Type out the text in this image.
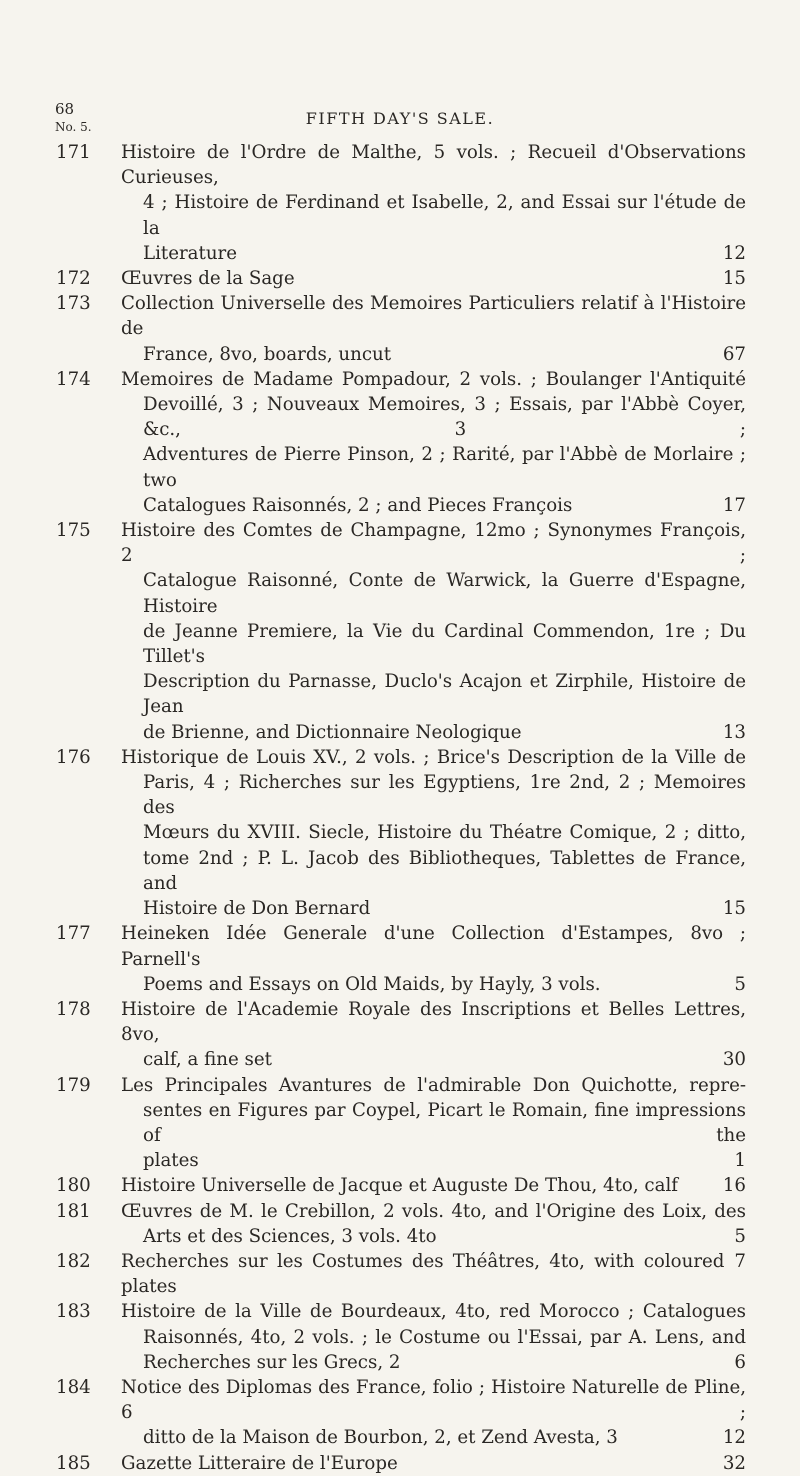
68
No. 5.	FIFTH DAY'S SALE.
171	Histoire de l'Ordre de Malthe, 5 vols. ; Recueil d'Observations Curieuses,
4 ; Histoire de Ferdinand et Isabelle, 2, and Essai sur l'étude de la
Literature	12
172	Œuvres de la Sage	15
173	Collection Universelle des Memoires Particuliers relatif à l'Histoire de
France, 8vo, boards, uncut	67
174	Memoires de Madame Pompadour, 2 vols. ; Boulanger l'Antiquité
Devoillé, 3 ; Nouveaux Memoires, 3 ; Essais, par l'Abbè Coyer, &c., 3 ;
Adventures de Pierre Pinson, 2 ; Rarité, par l'Abbè de Morlaire ; two
Catalogues Raisonnés, 2 ; and Pieces François	17
175	Histoire des Comtes de Champagne, 12mo ; Synonymes François, 2 ;
Catalogue Raisonné, Conte de Warwick, la Guerre d'Espagne, Histoire
de Jeanne Premiere, la Vie du Cardinal Commendon, 1re ; Du Tillet's
Description du Parnasse, Duclo's Acajon et Zirphile, Histoire de Jean
de Brienne, and Dictionnaire Neologique	13
176	Historique de Louis XV., 2 vols. ; Brice's Description de la Ville de
Paris, 4 ; Richerches sur les Egyptiens, 1re 2nd, 2 ; Memoires des
Mœurs du XVIII. Siecle, Histoire du Théatre Comique, 2 ; ditto,
tome 2nd ; P. L. Jacob des Bibliotheques, Tablettes de France, and
Histoire de Don Bernard	15
177	Heineken Idée Generale d'une Collection d'Estampes, 8vo ; Parnell's
Poems and Essays on Old Maids, by Hayly, 3 vols.	5
178	Histoire de l'Academie Royale des Inscriptions et Belles Lettres, 8vo,
calf, a fine set	30
179	Les Principales Avantures de l'admirable Don Quichotte, repre-
sentes en Figures par Coypel, Picart le Romain, fine impressions of the
plates	1
180	Histoire Universelle de Jacque et Auguste De Thou, 4to, calf	16
181	Œuvres de M. le Crebillon, 2 vols. 4to, and l'Origine des Loix, des
Arts et des Sciences, 3 vols. 4to	5
182	Recherches sur les Costumes des Théâtres, 4to, with coloured plates
7
183	Histoire de la Ville de Bourdeaux, 4to, red Morocco ; Catalogues
Raisonnés, 4to, 2 vols. ; le Costume ou l'Essai, par A. Lens, and
Recherches sur les Grecs, 2	6
184	Notice des Diplomas des France, folio ; Histoire Naturelle de Pline, 6 ;
ditto de la Maison de Bourbon, 2, et Zend Avesta, 3	12
185	Gazette Litteraire de l'Europe	32
